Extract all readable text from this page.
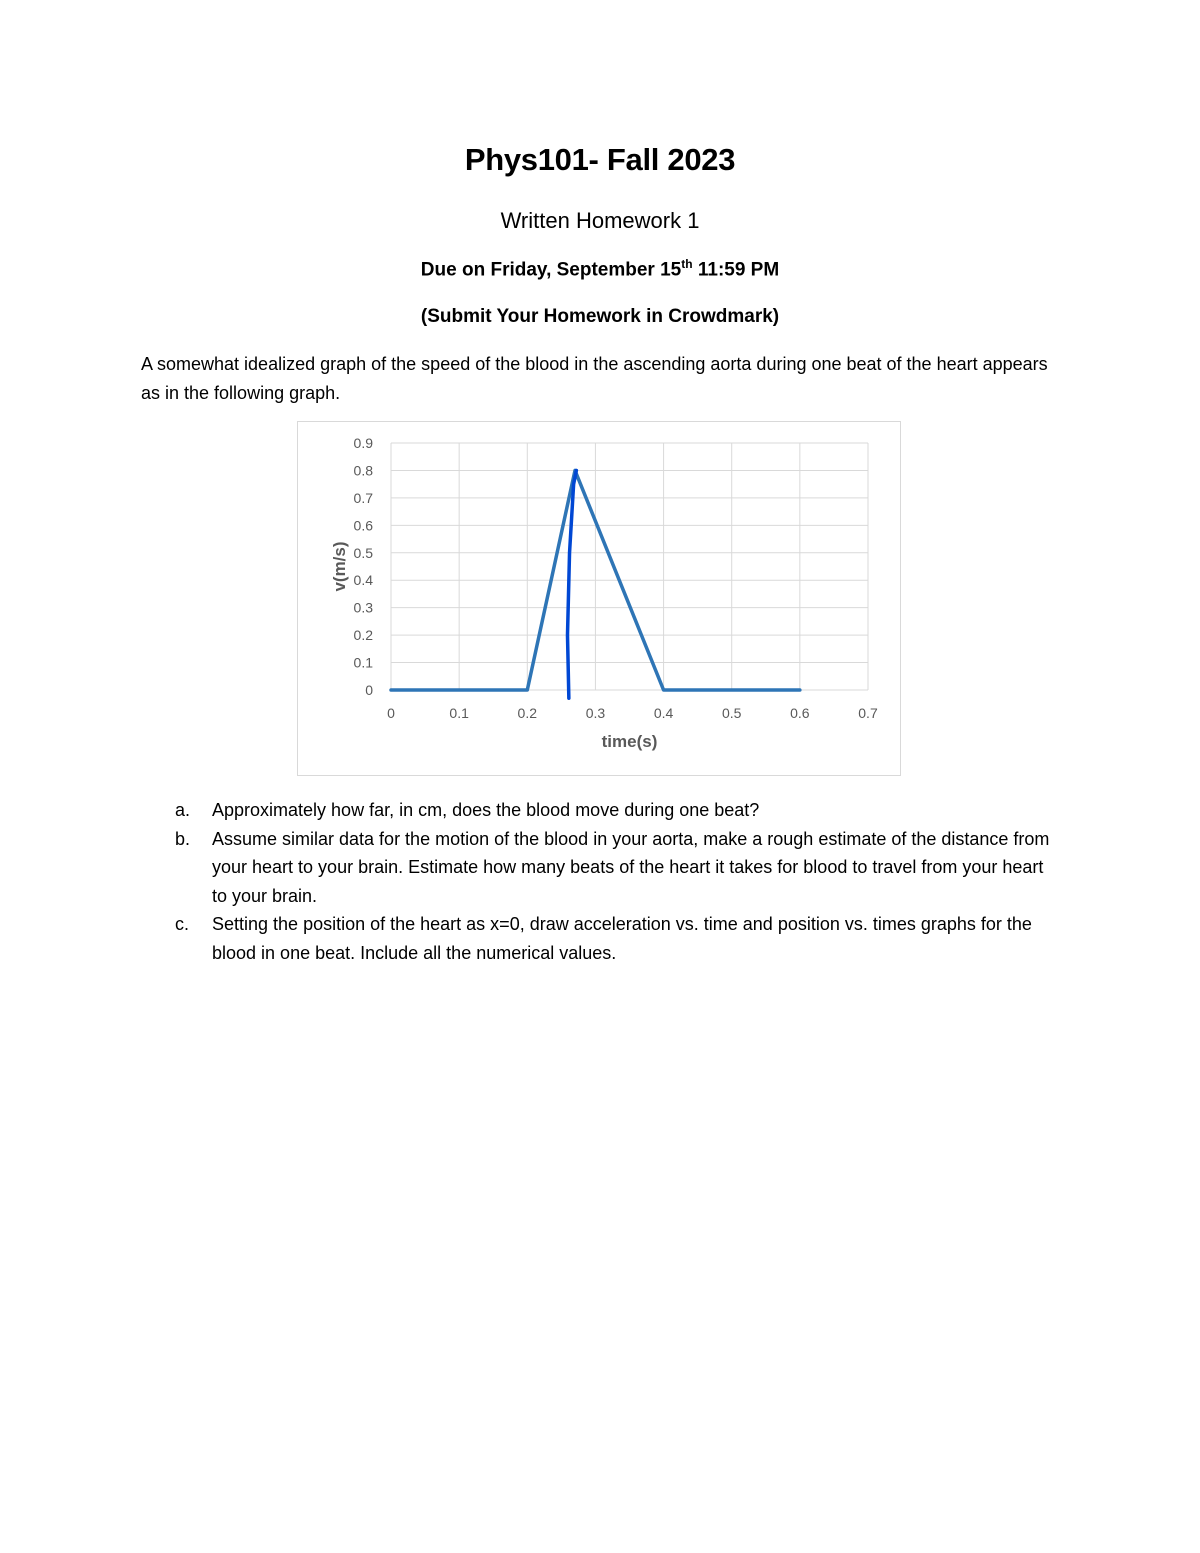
Phys101- Fall 2023
Written Homework 1
Due on Friday, September 15th 11:59 PM
(Submit Your Homework in Crowdmark)
A somewhat idealized graph of the speed of the blood in the ascending aorta during one beat of the heart appears as in the following graph.
0
0.1
0.2
0.3
0.4
0.5
0.6
0.7
0.8
0.9
0	0.1	0.2	0.3	0.4	0.5	0.6	0.7
time(s)
v(m/s)
a. Approximately how far, in cm, does the blood move during one beat?
b. Assume similar data for the motion of the blood in your aorta, make a rough estimate of the distance from your heart to your brain. Estimate how many beats of the heart it takes for blood to travel from your heart to your brain.
c. Setting the position of the heart as x=0, draw acceleration vs. time and position vs. times graphs for the blood in one beat. Include all the numerical values.
